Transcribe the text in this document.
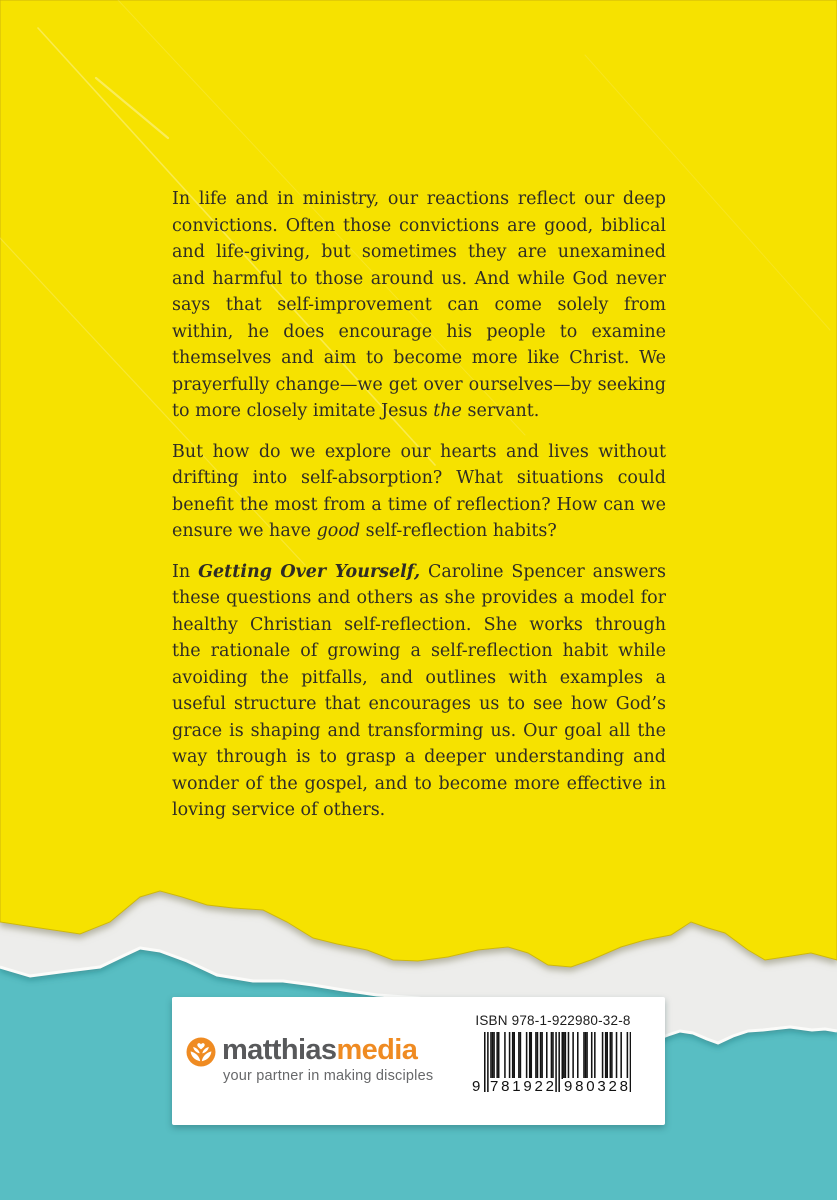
In life and in ministry, our reactions reflect our deep convictions. Often those convictions are good, biblical and life-giving, but sometimes they are unexamined and harmful to those around us. And while God never says that self-improvement can come solely from within, he does encourage his people to examine themselves and aim to become more like Christ. We prayerfully change—we get over ourselves—by seeking to more closely imitate Jesus the servant.

But how do we explore our hearts and lives without drifting into self-absorption? What situations could benefit the most from a time of reflection? How can we ensure we have good self-reflection habits?

In Getting Over Yourself, Caroline Spencer answers these questions and others as she provides a model for healthy Christian self-reflection. She works through the rationale of growing a self-reflection habit while avoiding the pitfalls, and outlines with examples a useful structure that encourages us to see how God’s grace is shaping and transforming us. Our goal all the way through is to grasp a deeper understanding and wonder of the gospel, and to become more effective in loving service of others.

matthiasmedia
your partner in making disciples
ISBN 978-1-922980-32-8
9 7 8 1 9 2 2 9 8 0 3 2 8
